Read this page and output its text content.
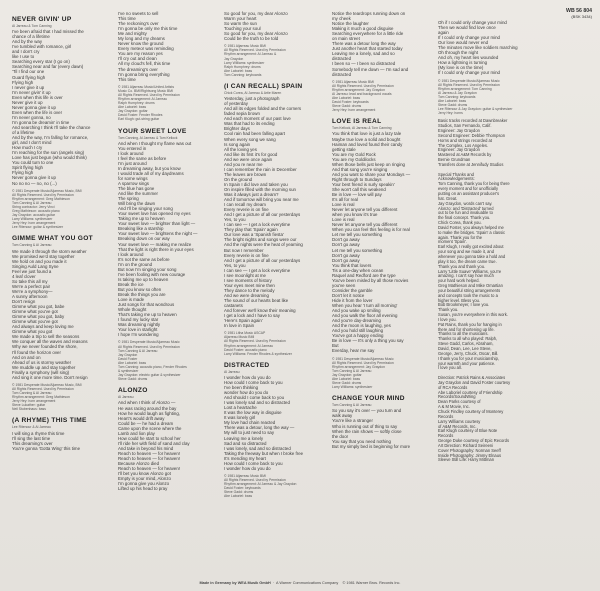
WB 56 804
(BSK 3434)
NEVER GIVIN' UP

Al Jarreau & Tom Canning

I've been afraid that I had missed the
chance of a lifetime
And by the way
I've tumbled with romance, girl
and I don't cry
like I use to
Searching every star (I go on)
Searching near and far (every dawn)
'Til I find our one
Guard flying high
Flying high
I never give it up
I'm never givin' it up
Even when this life is over
Never give it up
Never gonna give it up
Even when the life is over
I'm never gonna, no
I'm gonna be dreamin' in time
And searching I think I'll take the chance
of a lifetime
And by the way, I'm falling for romance,
girl, and I don't mind
How much I cry
I'm reaching for the sun (angels sing)
Love has just begun (who would think)
You could turn to one
Spirit flying high
Flying high
Never gonna give it up
No no no — no, no (...)
© 1981 Desperate Music/Aljarreau Music, BMI
All Rights Reserved. Used by Permission
Rhythm arrangement: Greg Mathieson
Tom Canning & Al Jarreau
String contractor: Jerry Vinci
Greg Mathieson: acoustic piano
Jay Graydon: acoustic guitar
Larry Williams: synthesizer
Jerry Hey: horn arrangement
Lee Ritenour: guitar & synthesizer
GIMME WHAT YOU GOT

Tom Canning & Al Jarreau

We made it through the storm weather
We promised we'd stay together
We hold on and you made it
Singing Auld Lang Syne
Feel we just found a
4 leaf clover
So take this all my
We're a perfect pair
We're a symphony—
A sunny afternoon
Don't resign
Gimme what you got, babe
Gimme what you've got
Gimme what you got, baby
Gimme what you've got
And always and keep loving me
Gimme what you got
We made a trip to sell the seasons
We conquer all the waves and reasons
Why we never founded the shore,
I'll found the horizon over
And on and on
Ahead of us is stormy weather
We muddle up and stay together
Finally a symphony (will sing)
And sing it one more time. Don't resign
© 1981 Desperate Music/Aljarreau Music, BMI
All Rights Reserved. Used by Permission
Tom Canning & Al Jarreau
Rhythm arrangement: Greg Mathieson
Jerry Hey: horn arrangement
Steve Lukather: guitar
Neil Stubenhaus: bass
(A RHYME) THIS TIME

Lee Ritenour & Al Jarreau

I will sing a rhyme this time
I'll sing the last time
This dreaming's over
You're gonna 'Gotta Wing' this time
I've no sweets to sell
This time
The reckoning's over
I'm gonna be only me this time
Me and mighty
My long and my dreams
Never know the ground
Every meteor was reminding
You are my reason yes
I'll cry out and clean
All my cloud's fell, this time
The dreaming's over
I'm gonna bring everything
This time
© 1981 Aljarreau Music/United Artists
Music Co. BMI/Rightsong Music BMI
All Rights Reserved. Used by Permission
Rhythm arrangement: Al Jarreau
Ralph Humphrey: drums
Abe Laboriel: bass
Jay Graydon: guitar
David Foster: Fender Rhodes
Earl Klugh: gut-string guitar
YOUR SWEET LOVE

Tom Canning, Al Jarreau & Tom Kellock

And when I thought my flame was out
You entered in
I look around
I feel the same as before
I'm just around
In dreaming away, but you know
I would trade all of my daydreams
for some wings
A sparrow sings
The blue has gone
And like the summer
The spring
Will bring the dawn
And I'll be singing your song
Your sweet love has opened my eyes
Taking me up to heaven
Your sweet love — brighter than light —
Breaking like a starship
Your sweet love — brightens the night —
Breaking down on our way
Your sweet love — making me realize
That the light is right there in your eyes
I look around
It's not the same as before
I'm on the ground
But now I'm singing your song
I've been fooling with new courage
Is taking me up to heaven
Break the ice
But you know so often
Break the things you are
Love is made
Just songs for that wondrous
Whole thought
That's taking me up to heaven
I found my lucky star
Was dreaming nightly
Your love in starlight
I hope I'm wondering
© 1981 Desperate Music/Aljarreau Music
All Rights Reserved. Used by Permission
Tom Canning & Al Jarreau
Jay Graydon
David Foster
Abe Laboriel: bass
Tom Canning: acoustic piano, Fender Rhodes
& synthesizer
Jay Graydon: electric guitar & synthesizer
Steve Gadd: drums
ALONZO

Al Jarreau

And when I think of Alonzo —
He was racing around the bay
How he would laugh as fighting,
Heart's would drift away
Could be — he had a dream
Came upon the scene where the
Lamb and lion play
How could he start to school her
I'll ride her with field of sand and clay
And take in beyond his mind
Reach to heaven — for heaven!
Reach to heaven — for heaven!
Because Alonzo died
Reach to heaven — for heaven!
I'll bet you know Alonzo got
Empty is your mind, Alonzo
I'm gonna give you Alonzo
Lifted up his head to pray
So good for you, my dear Alonzo
Warm your heart
So warm the sun
Touching your soul
So good for you, my dear Alonzo
Could be the truth to be told
© 1981 Aljarreau Music BMI
All Rights Reserved. Used by Permission
Rhythm arrangement: Al Jarreau &
Jay Graydon
Larry Williams: synthesizer
Ralph Humphrey: drums
Abe Laboriel: bass
Tom Canning: keyboards
(I CAN RECALL) SPAIN

Chick Corea, Al Jarreau & Artie Maren

Yesterday, just a photograph
of yesterday
And all its edges folded and the corners
faded sepia brown
And each moment of our past love
Was that had to its ending
Brighter days
Cool rain had been falling apart
When every song we sang
Is song again
All the loving yes
And like its first it's for good
And we were once again
And you re near me
I can remember the rain in December
The leaves are brown
On the ground
In Spain I did love and taken you
On inspire filled with the morning sun
Was it always just a dream?
And if tomorrow will bring you near me
I can recall my dream
Every reverie is on fine
And I get a picture of all our yesterdays
Yes, to you
I can see — I get a lock everytime
They play that 'Spain' again
Our love was a 'Spanish fiesta'
The bright nights and songs were our
And the nights were the heat of yearning
But now I remember
Every reverie is on fine
And I get a picture of all our yesterdays
Yes, to you
I can see — I get a lock everytime
I see moonlight at me
I see moments of history
Your eyes meet mine then
They dance to the melody
And we were dreaming
The sound of our hearts beat like
castanets
And forever we'll know their meaning
I get a lock and I have to say
'Here's Spain again'
In love in Spain
© 1981 Litha Music ASCAP
Aljarreau Music BMI
All Rights Reserved. Used by Permission
Rhythm arrangement: Al Jarreau
David Foster: acoustic piano
Larry Williams: Fender Rhodes & synthesizer
DISTRACTED

Al Jarreau

I wonder how do you do
How could I come back to you
I've been thinking
wonder how do you do
And should I come back to you
I was lonely sad and so distracted
Lost a heartache
It was the low way in disguise
It was lonely girl
My love had chain reacted
There was a detour, long the way —
My will to just need to say
Leaving me a lonely
Sad and so distracted
I was lonely, sad and so distracted
Taking the freeway but when I broke free
It's mending my heart
How could I come back to you
I wonder how do you do
© 1981 Aljarreau Music BMI
All Rights Reserved. Used by Permission
Rhythm arrangement: Al Jarreau & Jay Graydon
David Foster: keyboards
Steve Gadd: drums
Abe Laboriel: bass
Notice the teardrops running down on
my cheek
Notice the laughter
Making it much a good disguise
Searching everywhere for a little ride
on main street
There was a detour long the way
Just another heart that started today
Leaving me a lonely, sad and so
distracted
I been so — I been so distracted
Somebody tell me down — I'm sad and
distracted
© 1981 Aljarreau Music BMI
All Rights Reserved. Used by Permission
Rhythm arrangement: Jay Graydon
Al Jarreau: lead and background vocals
Abe Laboriel: bass
David Foster: keyboards
Steve Gadd: drums
Jerry Hey: horn arrangement
LOVE IS REAL

Tom Kellock, Al Jarreau & Tom Canning

You think that love is just a lazy tale
Maybe true love a solid and bought
Haiman and loved found their candy
getting stale
You are my Gold Rock
You are my Goldilocks
When those bells just keep on ringing
And that song you're singing
And you want to share your Mondays —
Right through to Sundays
Your best friend is surly speakin'
She won't call this weakend
Be in love — love will pay
It's all for real
Love is real
Never let anyone tell you different
when you know it's true
Love is real
Never let anyone tell you different
When you can feel this feeling is for real
Let me tell you something
Don't go away
Don't go away
Let me tell you something
Don't go away
Don't go away
You think that lovers
Tis a one-day when ocean
Raquel and Redford are the type
You've been misled by all those movies
you've seen
Consider the gamble
Don't let it notice
Hide it from the lover
When you hear 'I turn all morning'
And you wake up smiling
And you walk the floor all evening
And you're day-dreaming
And the moon is laughing, yes
And you hold still laughing
You've got a happy ending
Be in love — It's only a thing you say
But
Everday, hear me say
© 1981 Desperate Music/Aljarreau Music
All Rights Reserved. Used by Permission
Rhythm arrangement: Jay Graydon
Tom Canning & Al Jarreau
Jay Graydon: guitar
Abe Laboriel: bass
Steve Gadd: drums
Larry Williams: synthesizer
CHANGE YOUR MIND

Tom Canning & Al Jarreau

So you say it's over — you turn and
walk away
You're like a stranger
Who is running out of thing to say
When the rain shows — softly close
the door
You say that you need nothing
But my simply bed is beginning for more
Oh if I could only change your mind
Then we would find love once
again
If I could only change your mind
Our love would never end
The minutes move like soldiers marching
Oh through the night
And oh, my heart lies wounded
How a lightning is turning
(My love is on the time)
If I could only change your mind
© 1981 Desperate Music/Aljarreau Music
All Rights Reserved. Used by Permission
Rhythm arrangement: Tom Canning
Al Jarreau & Jay Graydon
Tom Canning: keyboards
Abe Laboriel: bass
Steve Gadd: drums
Lee Ritenour & Jay Graydon: guitar & synthesizer
Jerry Hey: horns

Basic tracks recorded at Dawnbreaker
Studios, San Fernando, Calif.
Engineer: Jay Graydon
Second Engineer: Debbie Thompson
Horns and strings recorded at
The Complex, Los Angeles.
Engineer: Jay Graydon
Mastered at A&M Records by
Bernie Grundman
Transfers done at Jennifudy Studios

Special Thanks and
Acknowledgements:
Tom Canning, thank you for being there
every moment and for unofficially
putting on an assistant producer's
hat. Great.
Jay Graydon, words can't say.
Alonzo: and 'Distracted' turned
out to be fun and invaluable to
the final concept. Thank you.
Chick Corea, thank you.
David Foster, you always helped me
to make the bridges. 'Spain' a classic
again. Thank you for the
moment 'Spain'.
Earl Klugh, I really got excited about
your song and we made it, and
whenever you gonna take a hold and
play it too, the dream came true.
Thank you and thank you.
Larry 'Little Suave' Williams, you're
amazing. I can't say how much
your hard work helped.
Greg Mathieson and Mike Omartian
your beautiful string arrangements
and concepts took the music to a
higher level. Bless you.
Bob Brookmeyer, I love you.
Thank you.
Susan, you're everywhere in this work.
I love you.
Pat Rains, thank you for hanging in
there and for shortening up life.
Thanks to all the musicians.
Thanks to all who played: Ralph,
Steve Gadd, Carlos, Abraham,
David, Dean, Lee, Lee Steve,
George, Jerry, Chuck, Oscar, Bill.
I thank you for your musicianship,
your warmth and your patience.
I love you all.

Direction: Patrick Rains & Associates
Jay Graydon and David Foster courtesy
of RCA Records
Abe Laboriel courtesy of Friendship
Records/SoundWing
Dean Parks courtesy of
A & M Movie, Inc.
Chuck Findley courtesy of Monterey
Records
Larry Williams courtesy
of A&M Records, Inc.
Earl Klugh courtesy of Blue Note
Records
George Duke courtesy of Epic Records
Art Direction: Richard Seireeni
Cover Photography: Norman Seeff
Inside Photography: Jimmy Elnaus
Sleeve Still Life: Harry Mittman

Made in Germany by WEA Musik GmbH  ·  A Warner Communications Company © 1981 Warner Bros. Records Inc.
